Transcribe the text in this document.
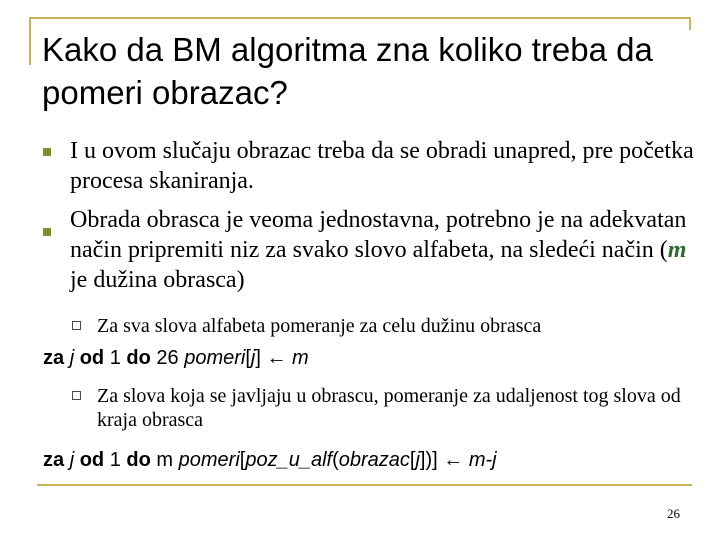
Kako da BM algoritma zna koliko treba da pomeri obrazac?

I u ovom slučaju obrazac treba da se obradi unapred, pre početka procesa skaniranja.

Obrada obrasca je veoma jednostavna, potrebno je na adekvatan način pripremiti niz za svako slovo alfabeta, na sledeći način (m je dužina obrasca)

Za sva slova alfabeta pomeranje za celu dužinu obrasca

za j od 1 do 26 pomeri[j] ← m

Za slova koja se javljaju u obrascu, pomeranje za udaljenost tog slova od kraja obrasca

za j od 1 do m pomeri[poz_u_alf(obrazac[j])] ← m-j

26
